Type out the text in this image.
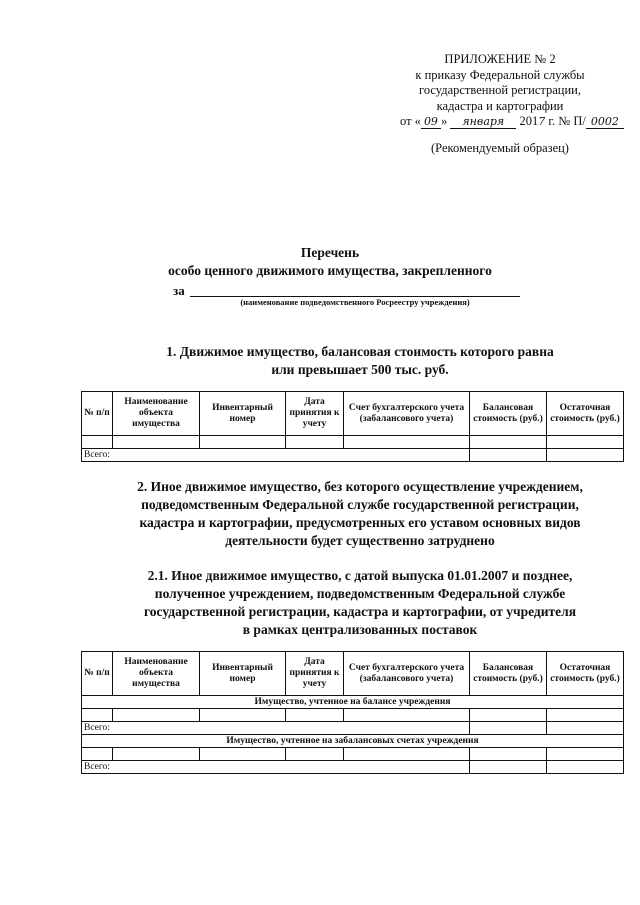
ПРИЛОЖЕНИЕ № 2
к приказу Федеральной службы
государственной регистрации,
кадастра и картографии
от « 09 » января 2017 г. № П/ 0002
(Рекомендуемый образец)
Перечень
особо ценного движимого имущества, закрепленного
за
(наименование подведомственного Росреестру учреждения)
1. Движимое имущество, балансовая стоимость которого равна
или превышает 500 тыс. руб.
№ п/п	Наименование объекта имущества	Инвентарный номер	Дата принятия к учету	Счет бухгалтерского учета (забалансового учета)	Балансовая стоимость (руб.)	Остаточная стоимость (руб.)

Всего:						
2. Иное движимое имущество, без которого осуществление учреждением,
подведомственным Федеральной службе государственной регистрации,
кадастра и картографии, предусмотренных его уставом основных видов
деятельности будет существенно затруднено
2.1. Иное движимое имущество, с датой выпуска 01.01.2007 и позднее,
полученное учреждением, подведомственным Федеральной службе
государственной регистрации, кадастра и картографии, от учредителя
в рамках централизованных поставок
№ п/п	Наименование объекта имущества	Инвентарный номер	Дата принятия к учету	Счет бухгалтерского учета (забалансового учета)	Балансовая стоимость (руб.)	Остаточная стоимость (руб.)
Имущество, учтенное на балансе учреждения						

Всего:						
Имущество, учтенное на забалансовых счетах учреждения						

Всего:						
